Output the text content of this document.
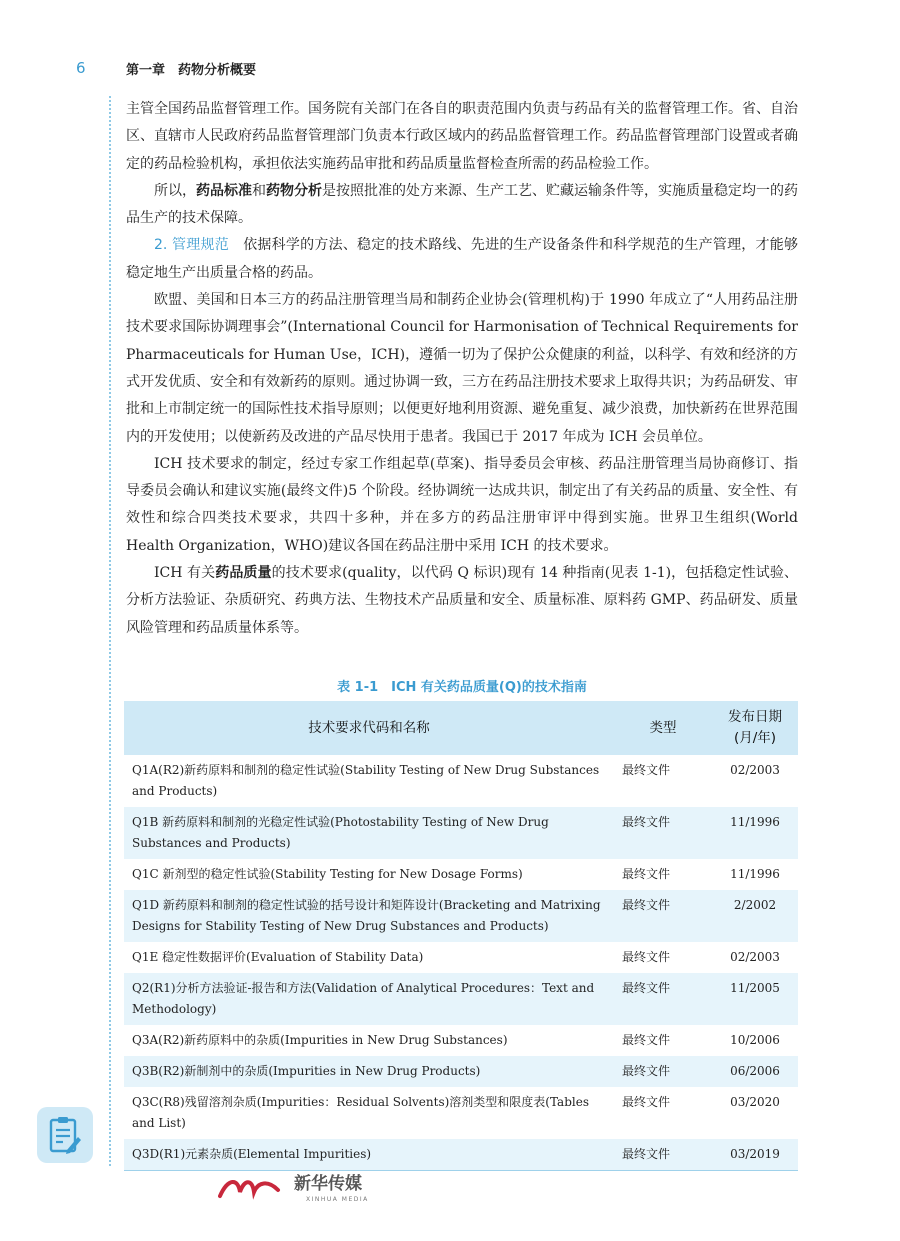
6	第一章　药物分析概要

主管全国药品监督管理工作。国务院有关部门在各自的职责范围内负责与药品有关的监督管理工作。省、自治区、直辖市人民政府药品监督管理部门负责本行政区域内的药品监督管理工作。药品监督管理部门设置或者确定的药品检验机构，承担依法实施药品审批和药品质量监督检查所需的药品检验工作。

所以，药品标准和药物分析是按照批准的处方来源、生产工艺、贮藏运输条件等，实施质量稳定均一的药品生产的技术保障。

2. 管理规范　依据科学的方法、稳定的技术路线、先进的生产设备条件和科学规范的生产管理，才能够稳定地生产出质量合格的药品。

欧盟、美国和日本三方的药品注册管理当局和制药企业协会(管理机构)于 1990 年成立了“人用药品注册技术要求国际协调理事会”(International Council for Harmonisation of Technical Requirements for Pharmaceuticals for Human Use，ICH)，遵循一切为了保护公众健康的利益，以科学、有效和经济的方式开发优质、安全和有效新药的原则。通过协调一致，三方在药品注册技术要求上取得共识；为药品研发、审批和上市制定统一的国际性技术指导原则；以便更好地利用资源、避免重复、减少浪费，加快新药在世界范围内的开发使用；以使新药及改进的产品尽快用于患者。我国已于 2017 年成为 ICH 会员单位。

ICH 技术要求的制定，经过专家工作组起草(草案)、指导委员会审核、药品注册管理当局协商修订、指导委员会确认和建议实施(最终文件)5 个阶段。经协调统一达成共识，制定出了有关药品的质量、安全性、有效性和综合四类技术要求，共四十多种，并在多方的药品注册审评中得到实施。世界卫生组织(World Health Organization，WHO)建议各国在药品注册中采用 ICH 的技术要求。

ICH 有关药品质量的技术要求(quality，以代码 Q 标识)现有 14 种指南(见表 1-1)，包括稳定性试验、分析方法验证、杂质研究、药典方法、生物技术产品质量和安全、质量标准、原料药 GMP、药品研发、质量风险管理和药品质量体系等。

表 1-1　ICH 有关药品质量(Q)的技术指南
技术要求代码和名称	类型	发布日期
(月/年)
Q1A(R2)新药原料和制剂的稳定性试验(Stability Testing of New Drug Substances and Products)	最终文件	02/2003
Q1B 新药原料和制剂的光稳定性试验(Photostability Testing of New Drug Substances and Products)	最终文件	11/1996
Q1C 新剂型的稳定性试验(Stability Testing for New Dosage Forms)	最终文件	11/1996
Q1D 新药原料和制剂的稳定性试验的括号设计和矩阵设计(Bracketing and Matrixing Designs for Stability Testing of New Drug Substances and Products)	最终文件	2/2002
Q1E 稳定性数据评价(Evaluation of Stability Data)	最终文件	02/2003
Q2(R1)分析方法验证-报告和方法(Validation of Analytical Procedures：Text and Methodology)	最终文件	11/2005
Q3A(R2)新药原料中的杂质(Impurities in New Drug Substances)	最终文件	10/2006
Q3B(R2)新制剂中的杂质(Impurities in New Drug Products)	最终文件	06/2006
Q3C(R8)残留溶剂杂质(Impurities：Residual Solvents)溶剂类型和限度表(Tables and List)	最终文件	03/2020
Q3D(R1)元素杂质(Elemental Impurities)	最终文件	03/2019
新华传媒
XINHUA MEDIA
